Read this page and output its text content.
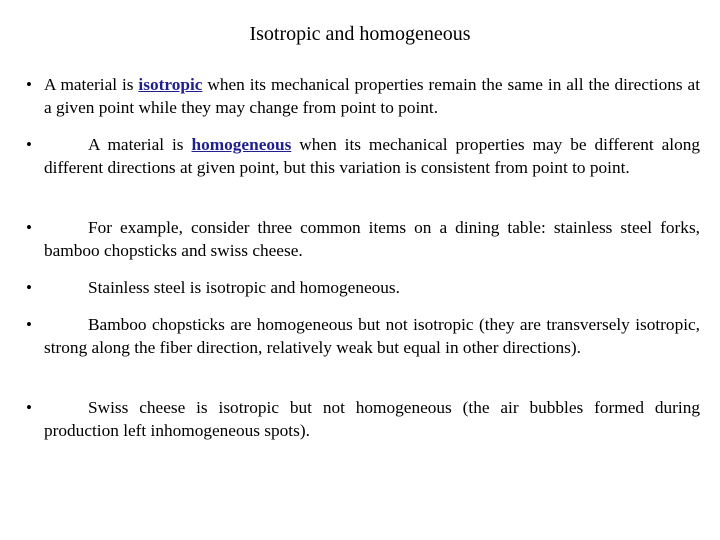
Isotropic and homogeneous
• A material is isotropic when its mechanical properties remain the same in all the directions at a given point while they may change from point to point.
•	A material is homogeneous when its mechanical properties may be different along different directions at given point, but this variation is consistent from point to point.
•	For example, consider three common items on a dining table: stainless steel forks, bamboo chopsticks and swiss cheese.
•	Stainless steel is isotropic and homogeneous.
•	Bamboo chopsticks are homogeneous but not isotropic (they are transversely isotropic, strong along the fiber direction, relatively weak but equal in other directions).
•	Swiss cheese is isotropic but not homogeneous (the air bubbles formed during production left inhomogeneous spots).
